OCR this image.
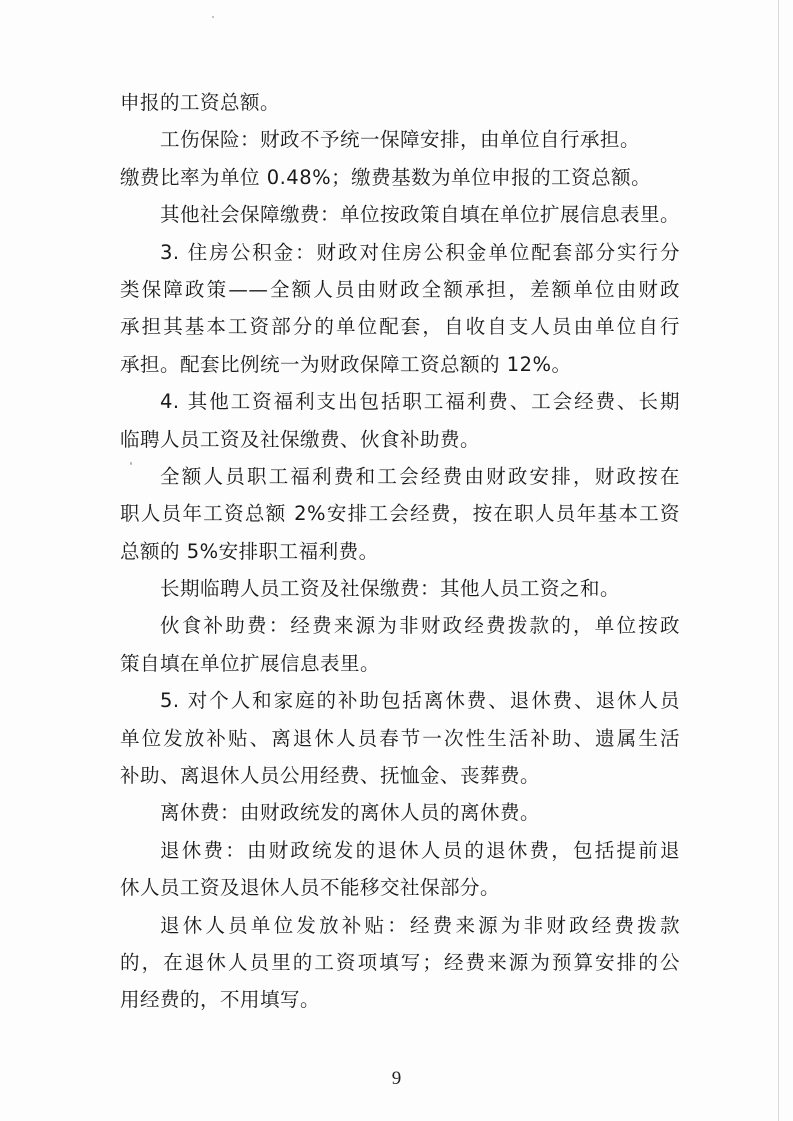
申报的工资总额。
工伤保险：财政不予统一保障安排，由单位自行承担。
缴费比率为单位 0.48%；缴费基数为单位申报的工资总额。
其他社会保障缴费：单位按政策自填在单位扩展信息表里。
3. 住房公积金：财政对住房公积金单位配套部分实行分
类保障政策——全额人员由财政全额承担，差额单位由财政
承担其基本工资部分的单位配套，自收自支人员由单位自行
承担。配套比例统一为财政保障工资总额的 12%。
4. 其他工资福利支出包括职工福利费、工会经费、长期
临聘人员工资及社保缴费、伙食补助费。
全额人员职工福利费和工会经费由财政安排，财政按在
职人员年工资总额 2%安排工会经费，按在职人员年基本工资
总额的 5%安排职工福利费。
长期临聘人员工资及社保缴费：其他人员工资之和。
伙食补助费：经费来源为非财政经费拨款的，单位按政
策自填在单位扩展信息表里。
5. 对个人和家庭的补助包括离休费、退休费、退休人员
单位发放补贴、离退休人员春节一次性生活补助、遗属生活
补助、离退休人员公用经费、抚恤金、丧葬费。
离休费：由财政统发的离休人员的离休费。
退休费：由财政统发的退休人员的退休费，包括提前退
休人员工资及退休人员不能移交社保部分。
退休人员单位发放补贴：经费来源为非财政经费拨款
的，在退休人员里的工资项填写；经费来源为预算安排的公
用经费的，不用填写。
9
